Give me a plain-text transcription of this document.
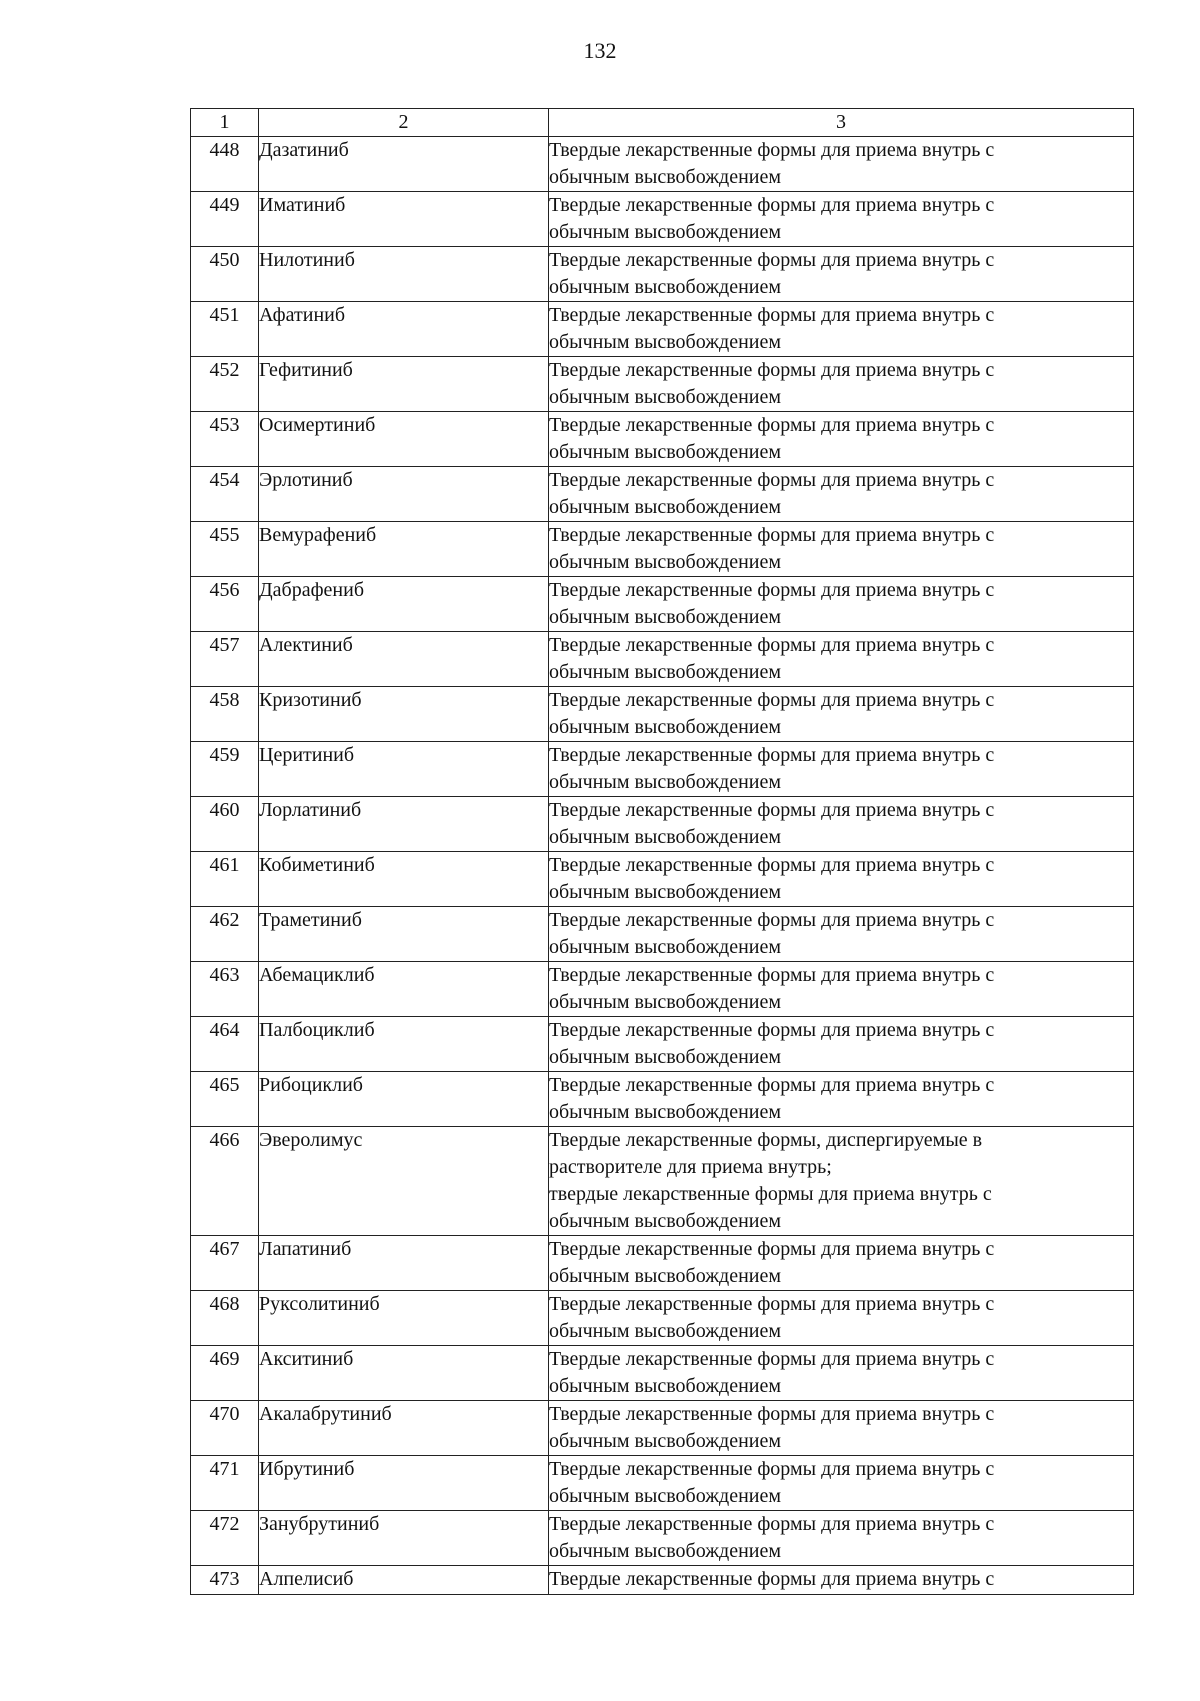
132
1	2	3
448	Дазатиниб	Твердые лекарственные формы для приема внутрь с
обычным высвобождением
449	Иматиниб	Твердые лекарственные формы для приема внутрь с
обычным высвобождением
450	Нилотиниб	Твердые лекарственные формы для приема внутрь с
обычным высвобождением
451	Афатиниб	Твердые лекарственные формы для приема внутрь с
обычным высвобождением
452	Гефитиниб	Твердые лекарственные формы для приема внутрь с
обычным высвобождением
453	Осимертиниб	Твердые лекарственные формы для приема внутрь с
обычным высвобождением
454	Эрлотиниб	Твердые лекарственные формы для приема внутрь с
обычным высвобождением
455	Вемурафениб	Твердые лекарственные формы для приема внутрь с
обычным высвобождением
456	Дабрафениб	Твердые лекарственные формы для приема внутрь с
обычным высвобождением
457	Алектиниб	Твердые лекарственные формы для приема внутрь с
обычным высвобождением
458	Кризотиниб	Твердые лекарственные формы для приема внутрь с
обычным высвобождением
459	Церитиниб	Твердые лекарственные формы для приема внутрь с
обычным высвобождением
460	Лорлатиниб	Твердые лекарственные формы для приема внутрь с
обычным высвобождением
461	Кобиметиниб	Твердые лекарственные формы для приема внутрь с
обычным высвобождением
462	Траметиниб	Твердые лекарственные формы для приема внутрь с
обычным высвобождением
463	Абемациклиб	Твердые лекарственные формы для приема внутрь с
обычным высвобождением
464	Палбоциклиб	Твердые лекарственные формы для приема внутрь с
обычным высвобождением
465	Рибоциклиб	Твердые лекарственные формы для приема внутрь с
обычным высвобождением
466	Эверолимус	Твердые лекарственные формы, диспергируемые в
растворителе для приема внутрь;
твердые лекарственные формы для приема внутрь с
обычным высвобождением
467	Лапатиниб	Твердые лекарственные формы для приема внутрь с
обычным высвобождением
468	Руксолитиниб	Твердые лекарственные формы для приема внутрь с
обычным высвобождением
469	Акситиниб	Твердые лекарственные формы для приема внутрь с
обычным высвобождением
470	Акалабрутиниб	Твердые лекарственные формы для приема внутрь с
обычным высвобождением
471	Ибрутиниб	Твердые лекарственные формы для приема внутрь с
обычным высвобождением
472	Занубрутиниб	Твердые лекарственные формы для приема внутрь с
обычным высвобождением
473	Алпелисиб	Твердые лекарственные формы для приема внутрь с
